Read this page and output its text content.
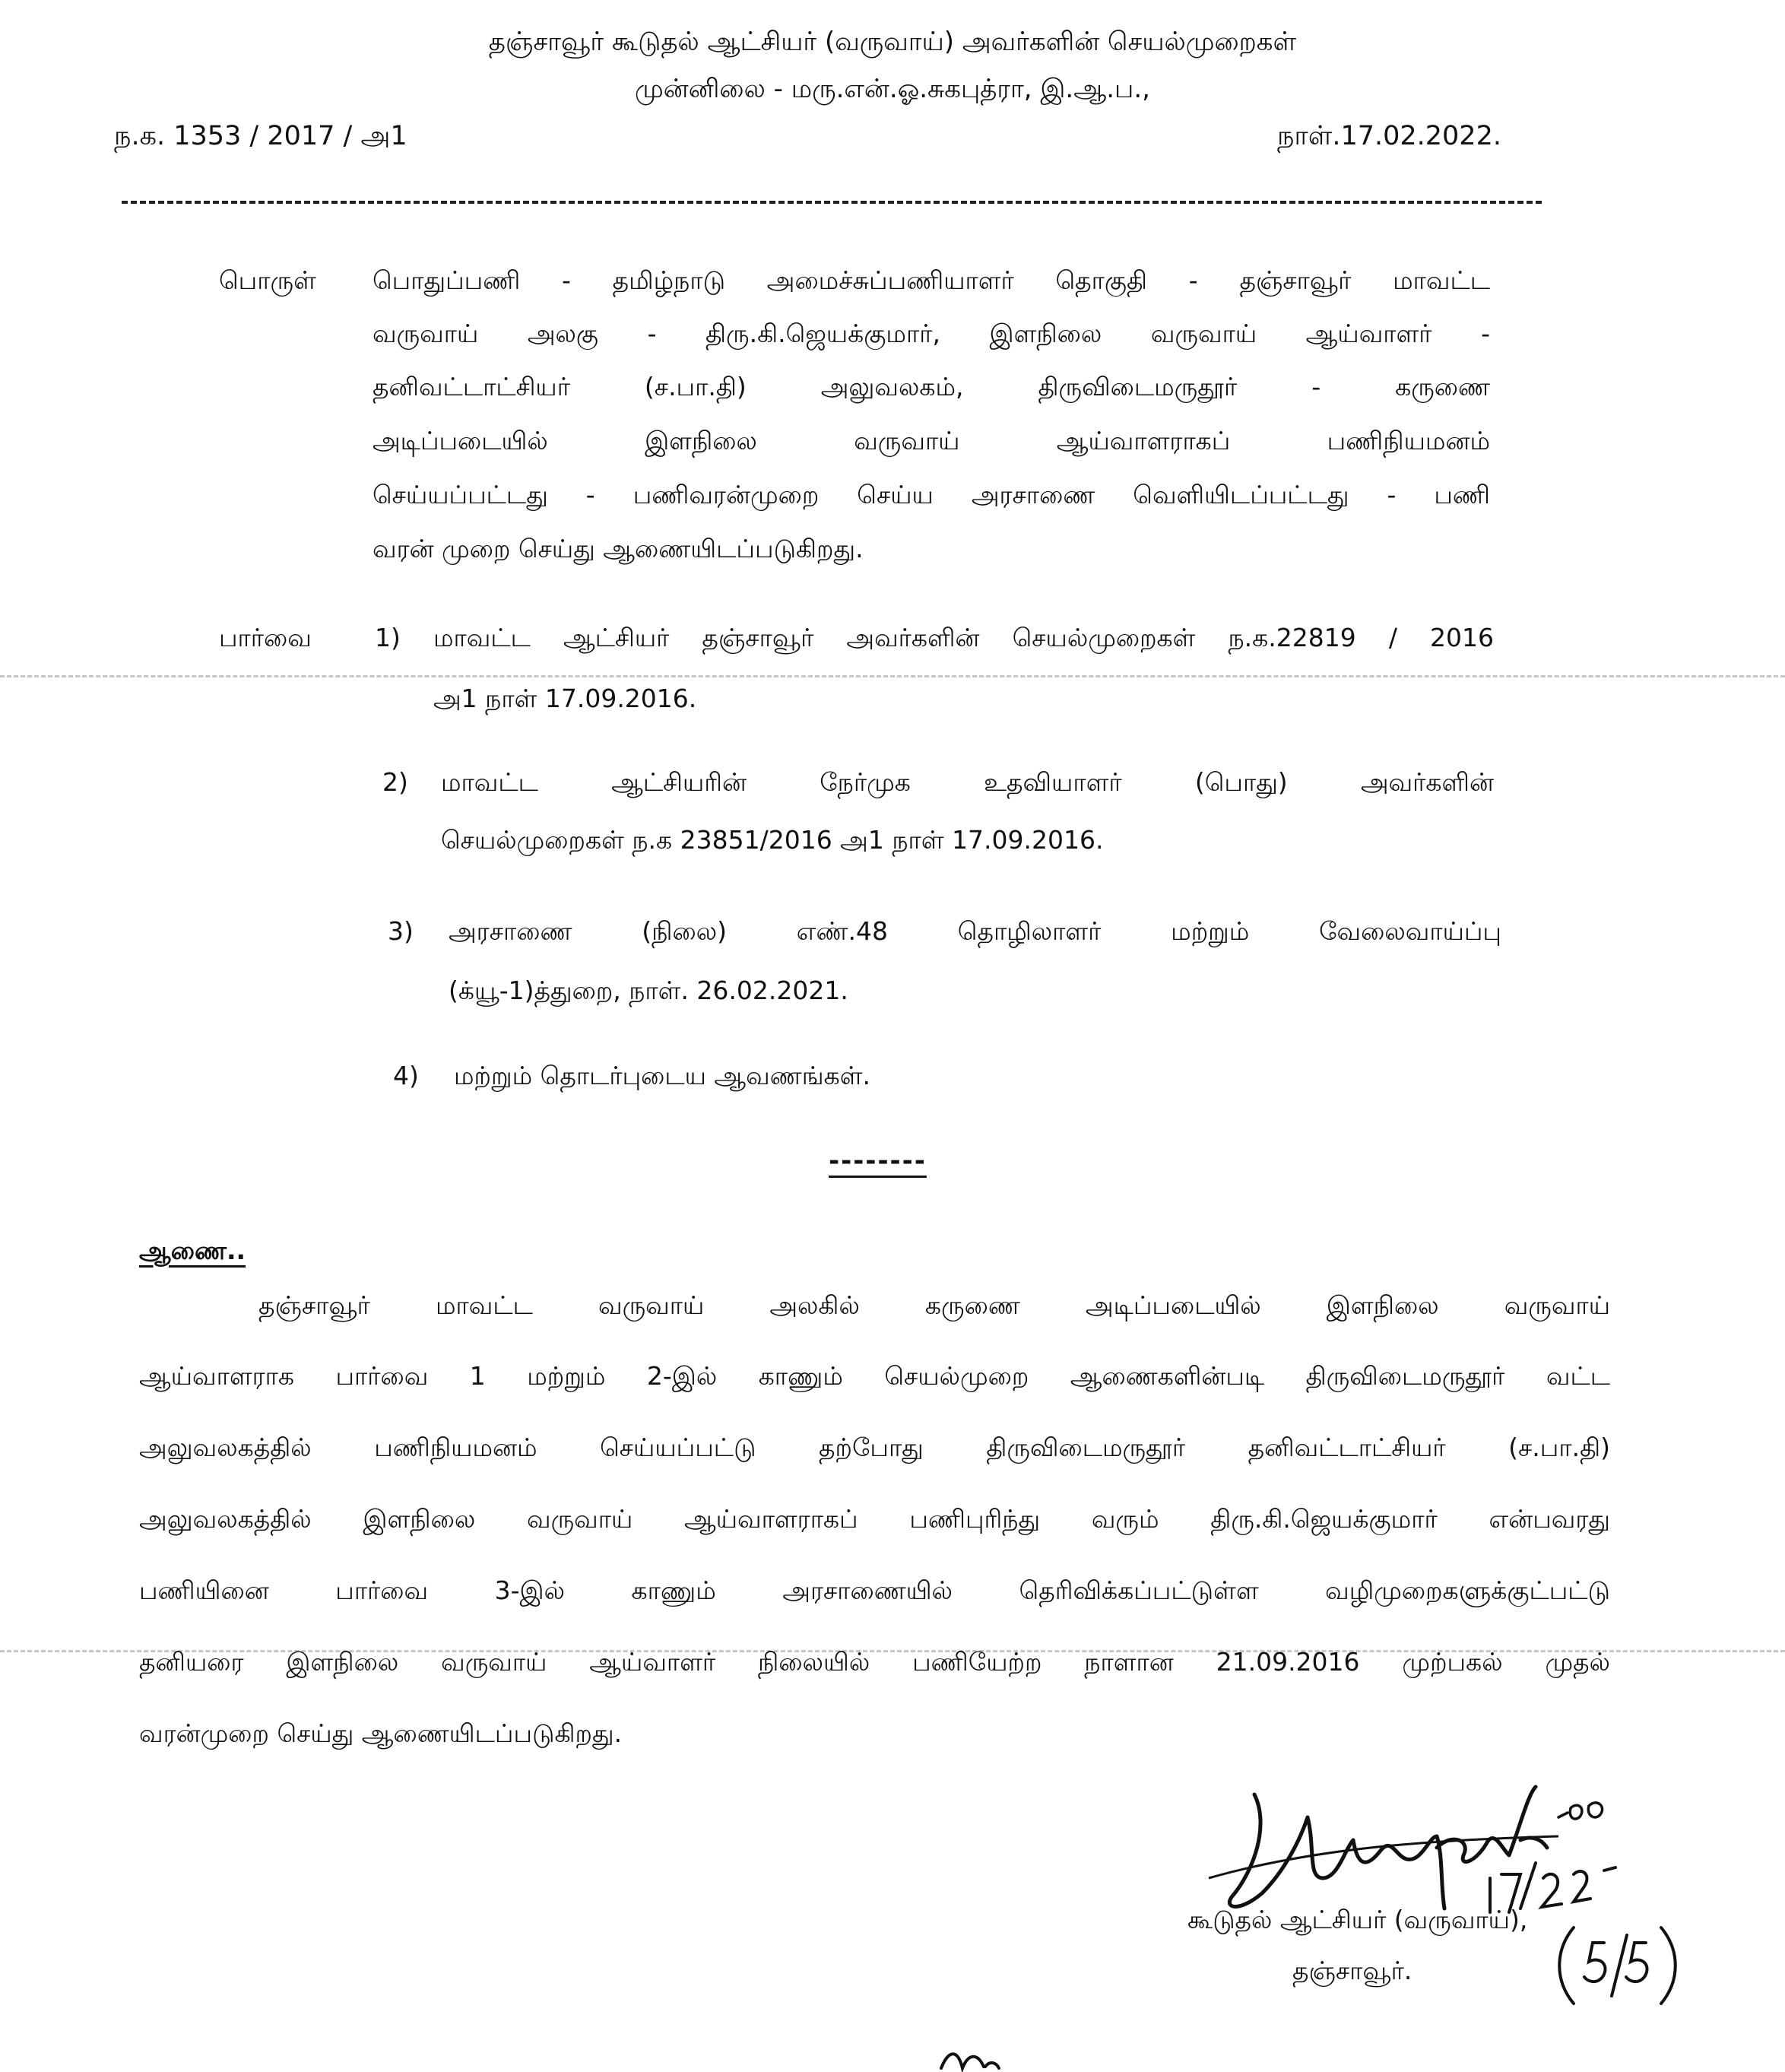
தஞ்சாவூர் கூடுதல் ஆட்சியர் (வருவாய்) அவர்களின் செயல்முறைகள்
முன்னிலை - மரு.என்.ஓ.சுகபுத்ரா, இ.ஆ.ப.,
ந.க. 1353 / 2017 / அ1	நாள்.17.02.2022.
பொருள் பொதுப்பணி - தமிழ்நாடு அமைச்சுப்பணியாளர் தொகுதி - தஞ்சாவூர் மாவட்ட
வருவாய் அலகு - திரு.கி.ஜெயக்குமார், இளநிலை வருவாய் ஆய்வாளர் -
தனிவட்டாட்சியர் (ச.பா.தி) அலுவலகம், திருவிடைமருதூர் - கருணை
அடிப்படையில் இளநிலை வருவாய் ஆய்வாளராகப் பணிநியமனம்
செய்யப்பட்டது - பணிவரன்முறை செய்ய அரசாணை வெளியிடப்பட்டது - பணி
வரன் முறை செய்து ஆணையிடப்படுகிறது.
பார்வை	1) மாவட்ட ஆட்சியர் தஞ்சாவூர் அவர்களின் செயல்முறைகள் ந.க.22819 / 2016
அ1 நாள் 17.09.2016.
2) மாவட்ட ஆட்சியரின் நேர்முக உதவியாளர் (பொது) அவர்களின்
செயல்முறைகள் ந.க 23851/2016 அ1 நாள் 17.09.2016.
3) அரசாணை (நிலை) எண்.48 தொழிலாளர் மற்றும் வேலைவாய்ப்பு
(க்யூ-1)த்துறை, நாள். 26.02.2021.
4) மற்றும் தொடர்புடைய ஆவணங்கள்.
--------
ஆணை..
தஞ்சாவூர் மாவட்ட வருவாய் அலகில் கருணை அடிப்படையில் இளநிலை வருவாய்
ஆய்வாளராக பார்வை 1 மற்றும் 2-இல் காணும் செயல்முறை ஆணைகளின்படி திருவிடைமருதூர் வட்ட
அலுவலகத்தில் பணிநியமனம் செய்யப்பட்டு தற்போது திருவிடைமருதூர் தனிவட்டாட்சியர் (ச.பா.தி)
அலுவலகத்தில் இளநிலை வருவாய் ஆய்வாளராகப் பணிபுரிந்து வரும் திரு.கி.ஜெயக்குமார் என்பவரது
பணியினை பார்வை 3-இல் காணும் அரசாணையில் தெரிவிக்கப்பட்டுள்ள வழிமுறைகளுக்குட்பட்டு
தனியரை இளநிலை வருவாய் ஆய்வாளர் நிலையில் பணியேற்ற நாளான 21.09.2016 முற்பகல் முதல்
வரன்முறை செய்து ஆணையிடப்படுகிறது.
கூடுதல் ஆட்சியர் (வருவாய்),
தஞ்சாவூர்.
